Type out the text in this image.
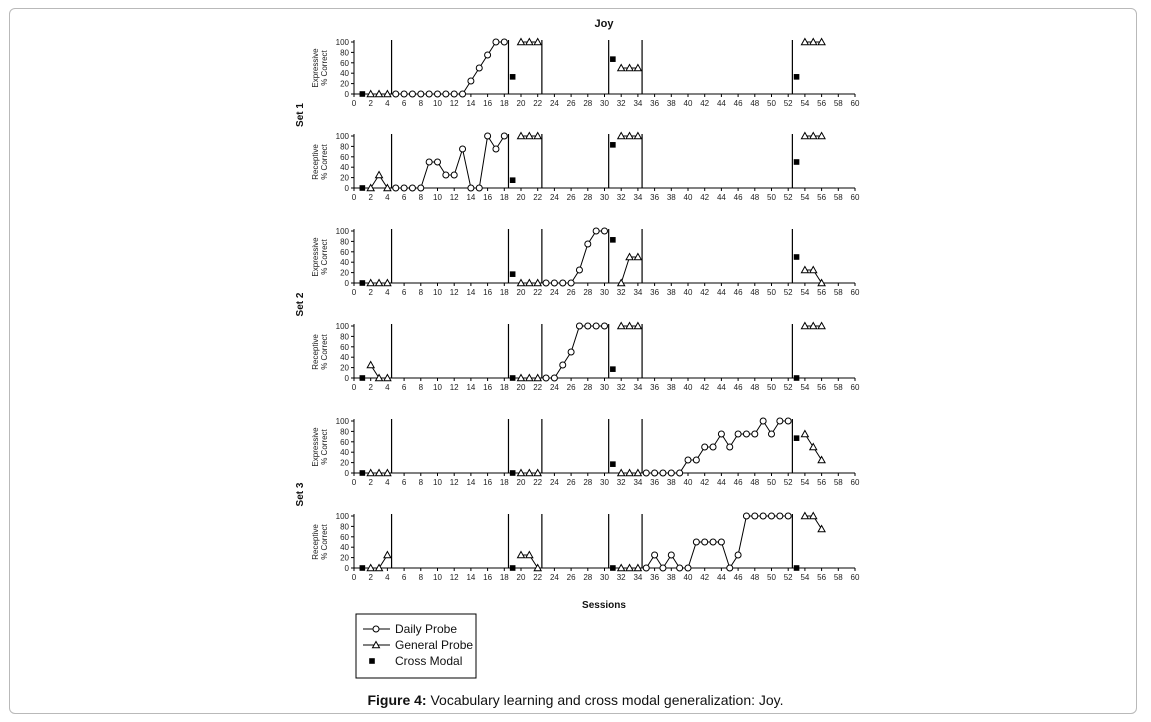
Joy
Sessions
0
20
40
60
80
100
0 2 4 6 8 10 12 14 16 18 20 22 24 26 28 30 32 34 36 38 40 42 44 46 48 50 52 54 56 58 60
Expressive% Correct
0
20
40
60
80
100
0 2 4 6 8 10 12 14 16 18 20 22 24 26 28 30 32 34 36 38 40 42 44 46 48 50 52 54 56 58 60
Receptive% Correct
Set 1
0
20
40
60
80
100
0 2 4 6 8 10 12 14 16 18 20 22 24 26 28 30 32 34 36 38 40 42 44 46 48 50 52 54 56 58 60
Expressive% Correct
0
20
40
60
80
100
0 2 4 6 8 10 12 14 16 18 20 22 24 26 28 30 32 34 36 38 40 42 44 46 48 50 52 54 56 58 60
Receptive% Correct
Set 2
0
20
40
60
80
100
0 2 4 6 8 10 12 14 16 18 20 22 24 26 28 30 32 34 36 38 40 42 44 46 48 50 52 54 56 58 60
Expressive% Correct
0
20
40
60
80
100
0 2 4 6 8 10 12 14 16 18 20 22 24 26 28 30 32 34 36 38 40 42 44 46 48 50 52 54 56 58 60
Receptive% Correct
Set 3
Daily Probe
General Probe
Cross Modal
Figure 4: Vocabulary learning and cross modal generalization: Joy.
